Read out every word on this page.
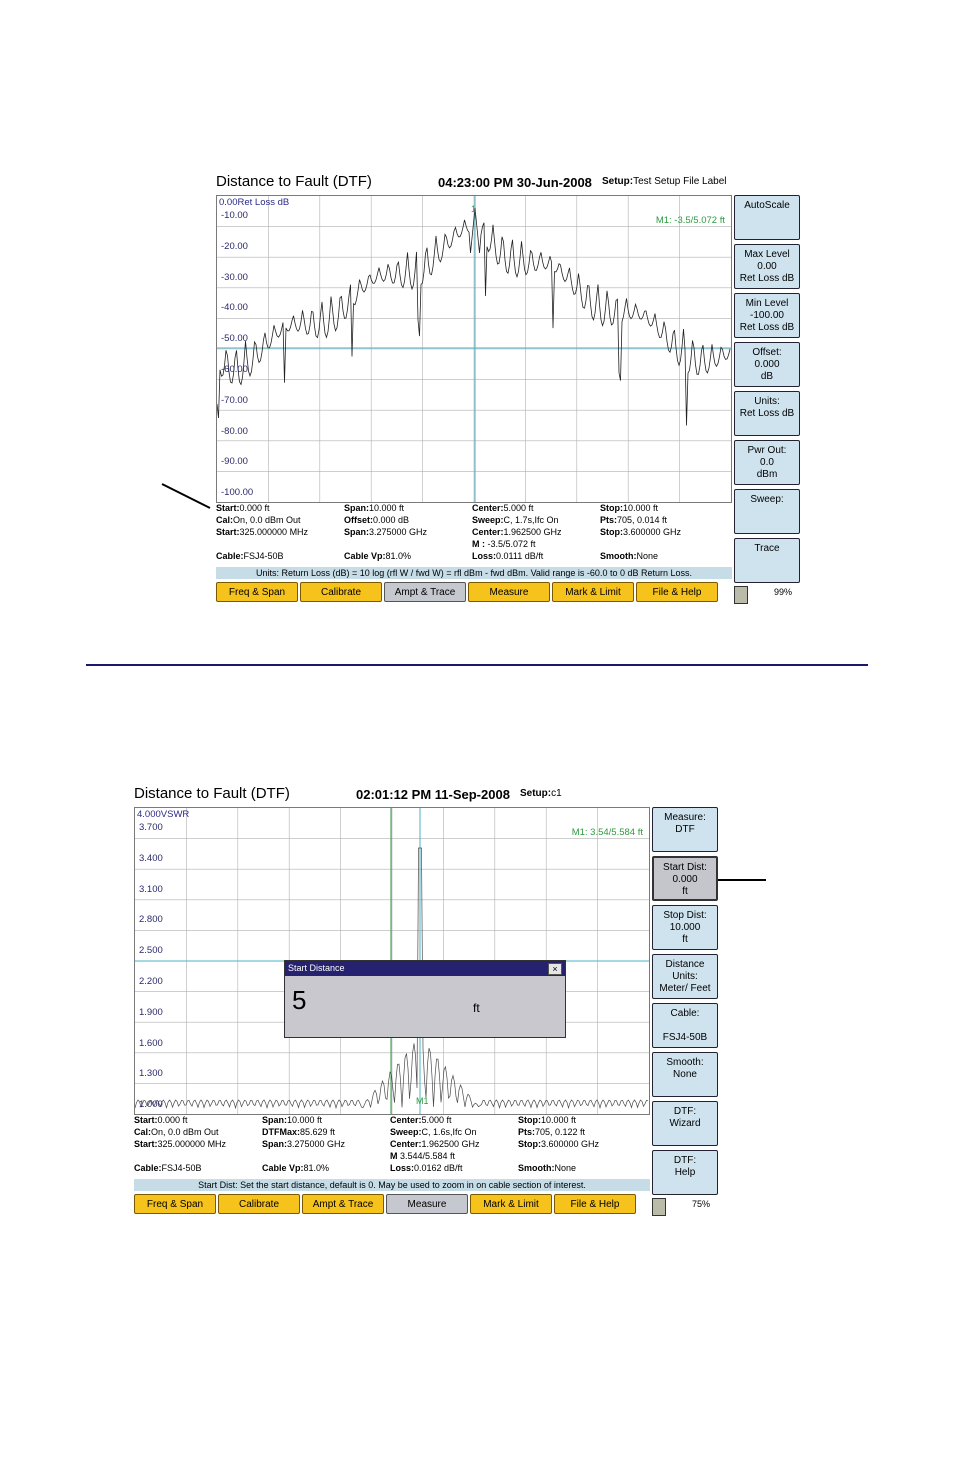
Distance to Fault (DTF)	04:23:00 PM 30-Jun-2008 Setup:Test Setup File Label
1
0.00Ret Loss dB
M1: -3.5/5.072 ft
-10.00
-20.00
-30.00
-40.00
-50.00
-60.00
-70.00
-80.00
-90.00
-100.00
Start:0.000 ft	Span:10.000 ft	Center:5.000 ft	Stop:10.000 ft
Cal:On, 0.0 dBm Out	Offset:0.000 dB	Sweep:C, 1.7s,Ifc On	Pts:705, 0.014 ft
Start:325.000000 MHz	Span:3.275000 GHz	Center:1.962500 GHz	Stop:3.600000 GHz
M : -3.5/5.072 ft
Cable:FSJ4-50B	Cable Vp:81.0%	Loss:0.0111 dB/ft	Smooth:None
Units: Return Loss (dB) = 10 log (rfl W / fwd W) = rfl dBm - fwd dBm. Valid range is -60.0 to 0 dB Return Loss.
Freq & Span	Calibrate	Ampt & Trace	Measure	Mark & Limit	File & Help
AutoScale
Max Level
0.00
Ret Loss dB
Min Level
-100.00
Ret Loss dB
Offset:
0.000
dB
Units:
Ret Loss dB
Pwr Out:
0.0
dBm
Sweep:
Trace
99%
Distance to Fault (DTF)	02:01:12 PM 11-Sep-2008 Setup:c1
M1
4.000VSWR
M1: 3.54/5.584 ft
3.700
3.400
3.100
2.800
2.500
2.200
1.900
1.600
1.300
1.000
Start:0.000 ft	Span:10.000 ft	Center:5.000 ft	Stop:10.000 ft
Cal:On, 0.0 dBm Out	DTFMax:85.629 ft	Sweep:C, 1.6s,Ifc On	Pts:705, 0.122 ft
Start:325.000000 MHz	Span:3.275000 GHz	Center:1.962500 GHz	Stop:3.600000 GHz
M 3.544/5.584 ft
Cable:FSJ4-50B	Cable Vp:81.0%	Loss:0.0162 dB/ft	Smooth:None
Start Dist: Set the start distance, default is 0. May be used to zoom in on cable section of interest.
Freq & Span	Calibrate	Ampt & Trace	Measure	Mark & Limit	File & Help
Measure:
DTF
Start Dist:
0.000
ft
Stop Dist:
10.000
ft
Distance
Units:
Meter/ Feet
Cable:

FSJ4-50B
Smooth:
None
DTF:
Wizard
DTF:
Help
75%
Start Distance	×
5	ft
